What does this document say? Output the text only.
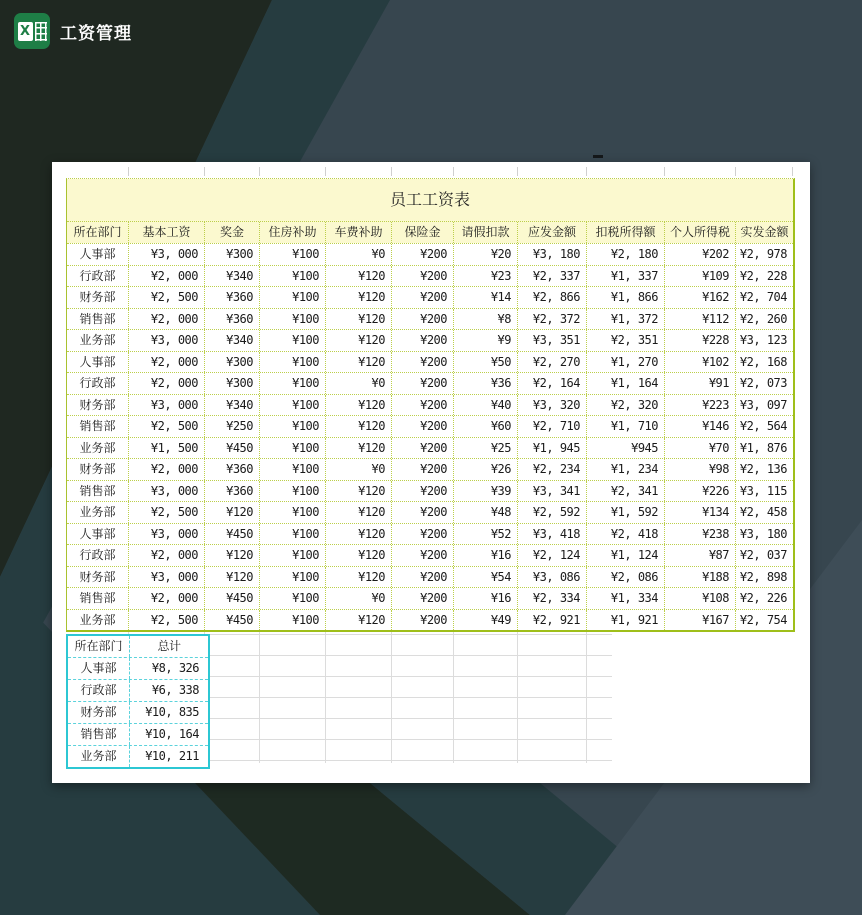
X 工资管理
员工工资表
所在部门	基本工资	奖金	住房补助	车费补助	保险金	请假扣款	应发金额	扣税所得额	个人所得税 实发金额
人事部	¥3, 000	¥300	¥100	¥0	¥200	¥20	¥3, 180	¥2, 180	¥202 ¥2, 978
行政部	¥2, 000	¥340	¥100	¥120	¥200	¥23	¥2, 337	¥1, 337	¥109 ¥2, 228
财务部	¥2, 500	¥360	¥100	¥120	¥200	¥14	¥2, 866	¥1, 866	¥162 ¥2, 704
销售部	¥2, 000	¥360	¥100	¥120	¥200	¥8	¥2, 372	¥1, 372	¥112 ¥2, 260
业务部	¥3, 000	¥340	¥100	¥120	¥200	¥9	¥3, 351	¥2, 351	¥228 ¥3, 123
人事部	¥2, 000	¥300	¥100	¥120	¥200	¥50	¥2, 270	¥1, 270	¥102 ¥2, 168
行政部	¥2, 000	¥300	¥100	¥0	¥200	¥36	¥2, 164	¥1, 164	¥91 ¥2, 073
财务部	¥3, 000	¥340	¥100	¥120	¥200	¥40	¥3, 320	¥2, 320	¥223 ¥3, 097
销售部	¥2, 500	¥250	¥100	¥120	¥200	¥60	¥2, 710	¥1, 710	¥146 ¥2, 564
业务部	¥1, 500	¥450	¥100	¥120	¥200	¥25	¥1, 945	¥945	¥70 ¥1, 876
财务部	¥2, 000	¥360	¥100	¥0	¥200	¥26	¥2, 234	¥1, 234	¥98 ¥2, 136
销售部	¥3, 000	¥360	¥100	¥120	¥200	¥39	¥3, 341	¥2, 341	¥226 ¥3, 115
业务部	¥2, 500	¥120	¥100	¥120	¥200	¥48	¥2, 592	¥1, 592	¥134 ¥2, 458
人事部	¥3, 000	¥450	¥100	¥120	¥200	¥52	¥3, 418	¥2, 418	¥238 ¥3, 180
行政部	¥2, 000	¥120	¥100	¥120	¥200	¥16	¥2, 124	¥1, 124	¥87 ¥2, 037
财务部	¥3, 000	¥120	¥100	¥120	¥200	¥54	¥3, 086	¥2, 086	¥188 ¥2, 898
销售部	¥2, 000	¥450	¥100	¥0	¥200	¥16	¥2, 334	¥1, 334	¥108 ¥2, 226
业务部	¥2, 500	¥450	¥100	¥120	¥200	¥49	¥2, 921	¥1, 921	¥167 ¥2, 754
所在部门	总计
人事部	¥8, 326
行政部	¥6, 338
财务部	¥10, 835
销售部	¥10, 164
业务部	¥10, 211
